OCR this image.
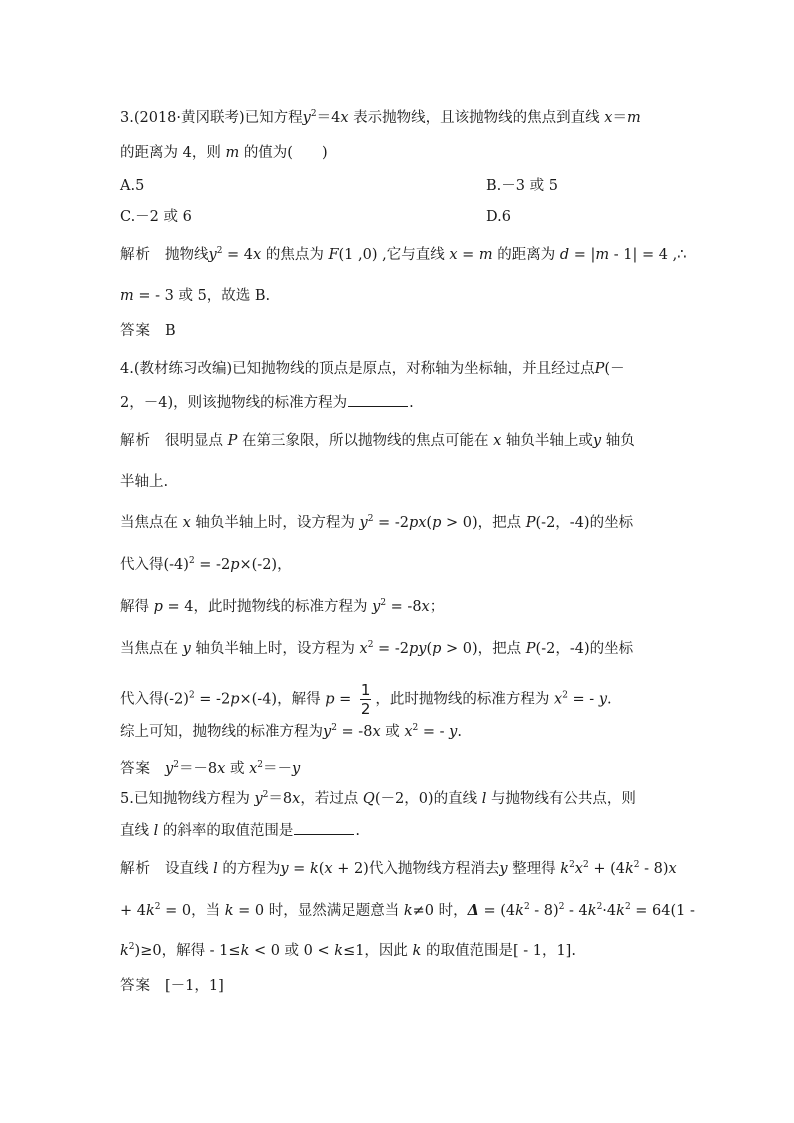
3.(2018·黄冈联考)已知方程$y^2=4x$ 表示抛物线，且该抛物线的焦点到直线 x＝m
的距离为 4，则 m 的值为(　　)
A.5	B.－3 或 5
C.－2 或 6	D.6
解析 抛物线$y^2 = 4x$ 的焦点为 F(1 ,0) ,它与直线 x = m 的距离为 d = |m - 1| = 4 ,∴
m = ‑ 3 或 5，故选 B.
答案 B
4.(教材练习改编)已知抛物线的顶点是原点，对称轴为坐标轴，并且经过点P(－
2，－4)，则该抛物线的标准方程为	.
解析 很明显点 P 在第三象限，所以抛物线的焦点可能在 x 轴负半轴上或y 轴负
半轴上.
当焦点在 x 轴负半轴上时，设方程为 $y^2$ = ‑2px(p > 0)，把点 P(‑2，‑4)的坐标
代入得(‑4)$^2$ = ‑2p×(‑2)，
解得 p = 4，此时抛物线的标准方程为 $y^2$ = ‑8x；
当焦点在 y 轴负半轴上时，设方程为 $x^2$ = ‑2py(p > 0)，把点 P(‑2，‑4)的坐标
代入得(‑2)$^2$ = ‑2p×(‑4)，解得 $p = \frac{1}{2}$ ，此时抛物线的标准方程为 $x^2$ = ‑ y.
综上可知，抛物线的标准方程为$y^2$ = ‑8x 或 $x^2$ = ‑ y.
答案 $y^2=-8x$ 或 $x^2=-y$
5.已知抛物线方程为 $y^2=8x$，若过点 Q(－2，0)的直线 l 与抛物线有公共点，则
直线 l 的斜率的取值范围是	.
解析 设直线 l 的方程为y = k(x + 2)代入抛物线方程消去y 整理得 $k^2x^2 + (4k^2 - 8)x$
+ $4k^2 = 0$，当 k = 0 时，显然满足题意当 k≠0 时，$\Delta = (4k^2 - 8)^2 - 4k^2\cdot 4k^2 = 64(1$ -
$k^2)\ge 0$，解得 - 1≤k < 0 或 0 < k≤1，因此 k 的取值范围是[ - 1，1].
答案 [－1，1]
